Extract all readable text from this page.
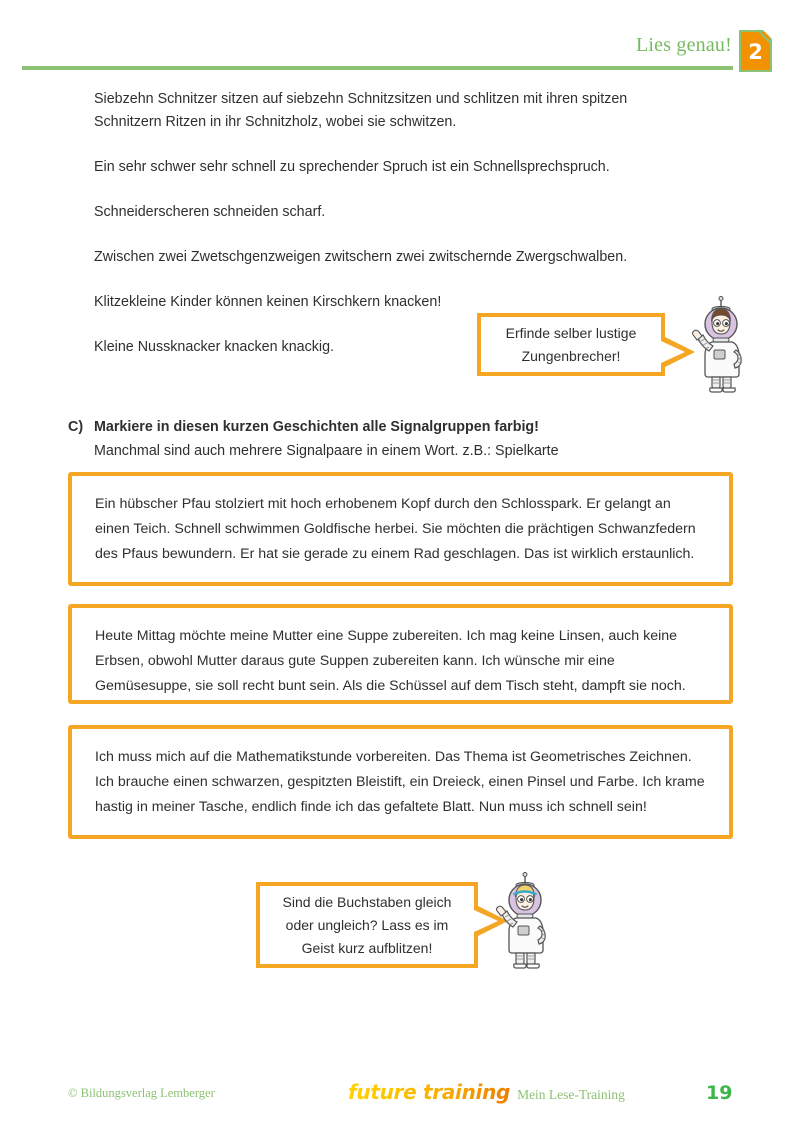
Lies genau! 2
Siebzehn Schnitzer sitzen auf siebzehn Schnitzsitzen und schlitzen mit ihren spitzen Schnitzern Ritzen in ihr Schnitzholz, wobei sie schwitzen.
Ein sehr schwer sehr schnell zu sprechender Spruch ist ein Schnellsprechspruch.
Schneiderscheren schneiden scharf.
Zwischen zwei Zwetschgenzweigen zwitschern zwei zwitschernde Zwergschwalben.
Klitzekleine Kinder können keinen Kirschkern knacken!
Kleine Nussknacker knacken knackig.
Erfinde selber lustige Zungenbrecher!
C) Markiere in diesen kurzen Geschichten alle Signalgruppen farbig!
Manchmal sind auch mehrere Signalpaare in einem Wort. z.B.: Spielkarte

Ein hübscher Pfau stolziert mit hoch erhobenem Kopf durch den Schlosspark. Er gelangt an einen Teich. Schnell schwimmen Goldfische herbei. Sie möchten die prächtigen Schwanzfedern des Pfaus bewundern. Er hat sie gerade zu einem Rad geschlagen. Das ist wirklich erstaunlich.

Heute Mittag möchte meine Mutter eine Suppe zubereiten. Ich mag keine Linsen, auch keine Erbsen, obwohl Mutter daraus gute Suppen zubereiten kann. Ich wünsche mir eine Gemüsesuppe, sie soll recht bunt sein. Als die Schüssel auf dem Tisch steht, dampft sie noch.

Ich muss mich auf die Mathematikstunde vorbereiten. Das Thema ist Geometrisches Zeichnen. Ich brauche einen schwarzen, gespitzten Bleistift, ein Dreieck, einen Pinsel und Farbe. Ich krame hastig in meiner Tasche, endlich finde ich das gefaltete Blatt. Nun muss ich schnell sein!

Sind die Buchstaben gleich oder ungleich? Lass es im Geist kurz aufblitzen!
© Bildungsverlag Lemberger	future training Mein Lese-Training	19
